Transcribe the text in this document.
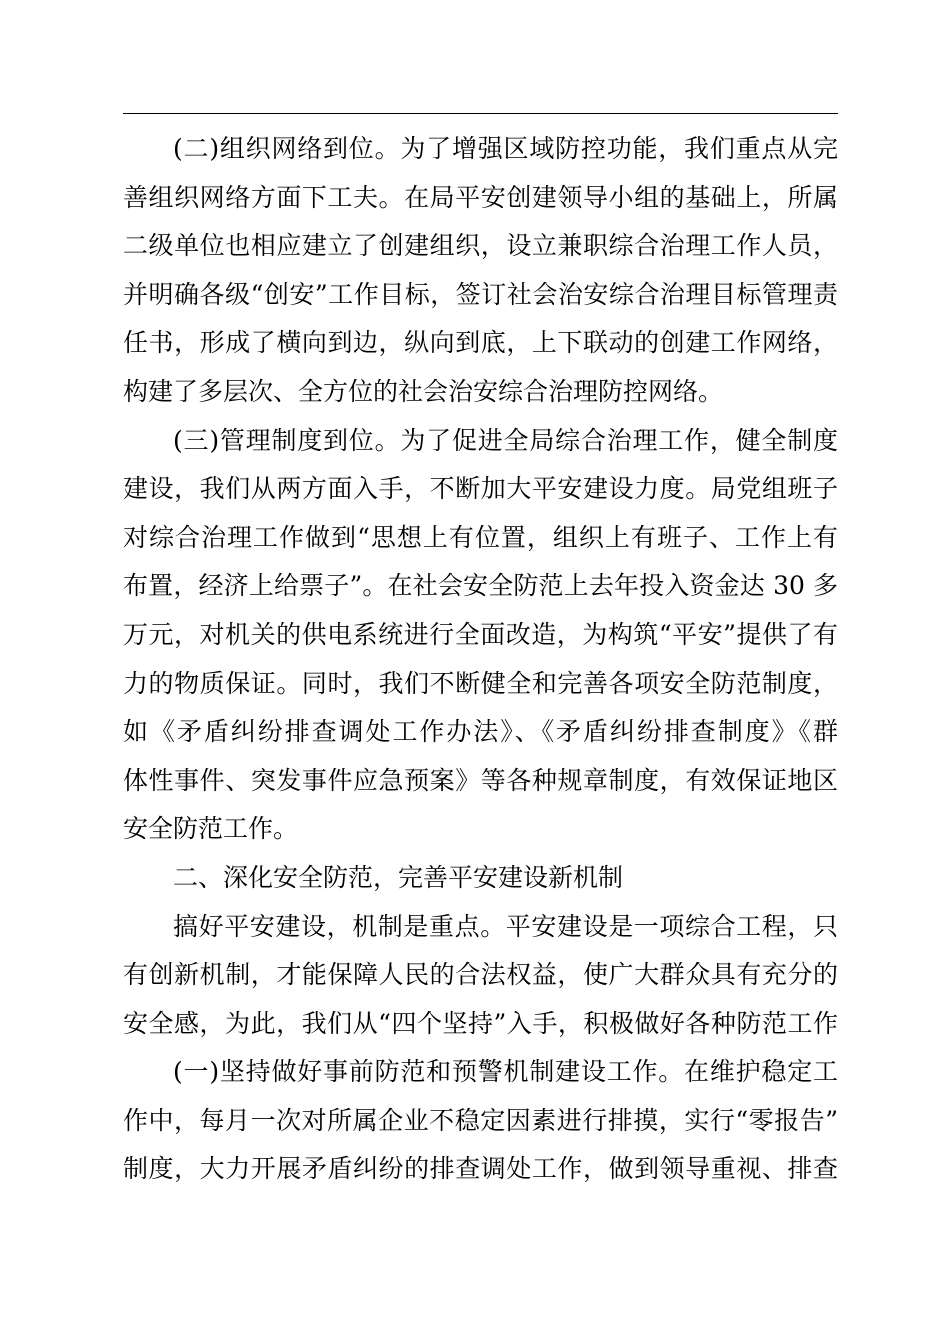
(二)组织网络到位。为了增强区域防控功能，我们重点从完
善组织网络方面下工夫。在局平安创建领导小组的基础上，所属
二级单位也相应建立了创建组织，设立兼职综合治理工作人员，
并明确各级“创安”工作目标，签订社会治安综合治理目标管理责
任书，形成了横向到边，纵向到底，上下联动的创建工作网络，
构建了多层次、全方位的社会治安综合治理防控网络。
(三)管理制度到位。为了促进全局综合治理工作，健全制度
建设，我们从两方面入手，不断加大平安建设力度。局党组班子
对综合治理工作做到“思想上有位置，组织上有班子、工作上有
布置，经济上给票子”。在社会安全防范上去年投入资金达 30 多
万元，对机关的供电系统进行全面改造，为构筑“平安”提供了有
力的物质保证。同时，我们不断健全和完善各项安全防范制度，
如《矛盾纠纷排查调处工作办法》、《矛盾纠纷排查制度》《群
体性事件、突发事件应急预案》等各种规章制度，有效保证地区
安全防范工作。
二、深化安全防范，完善平安建设新机制
搞好平安建设，机制是重点。平安建设是一项综合工程，只
有创新机制，才能保障人民的合法权益，使广大群众具有充分的
安全感，为此，我们从“四个坚持”入手，积极做好各种防范工作
(一)坚持做好事前防范和预警机制建设工作。在维护稳定工
作中，每月一次对所属企业不稳定因素进行排摸，实行“零报告”
制度，大力开展矛盾纠纷的排查调处工作，做到领导重视、排查
